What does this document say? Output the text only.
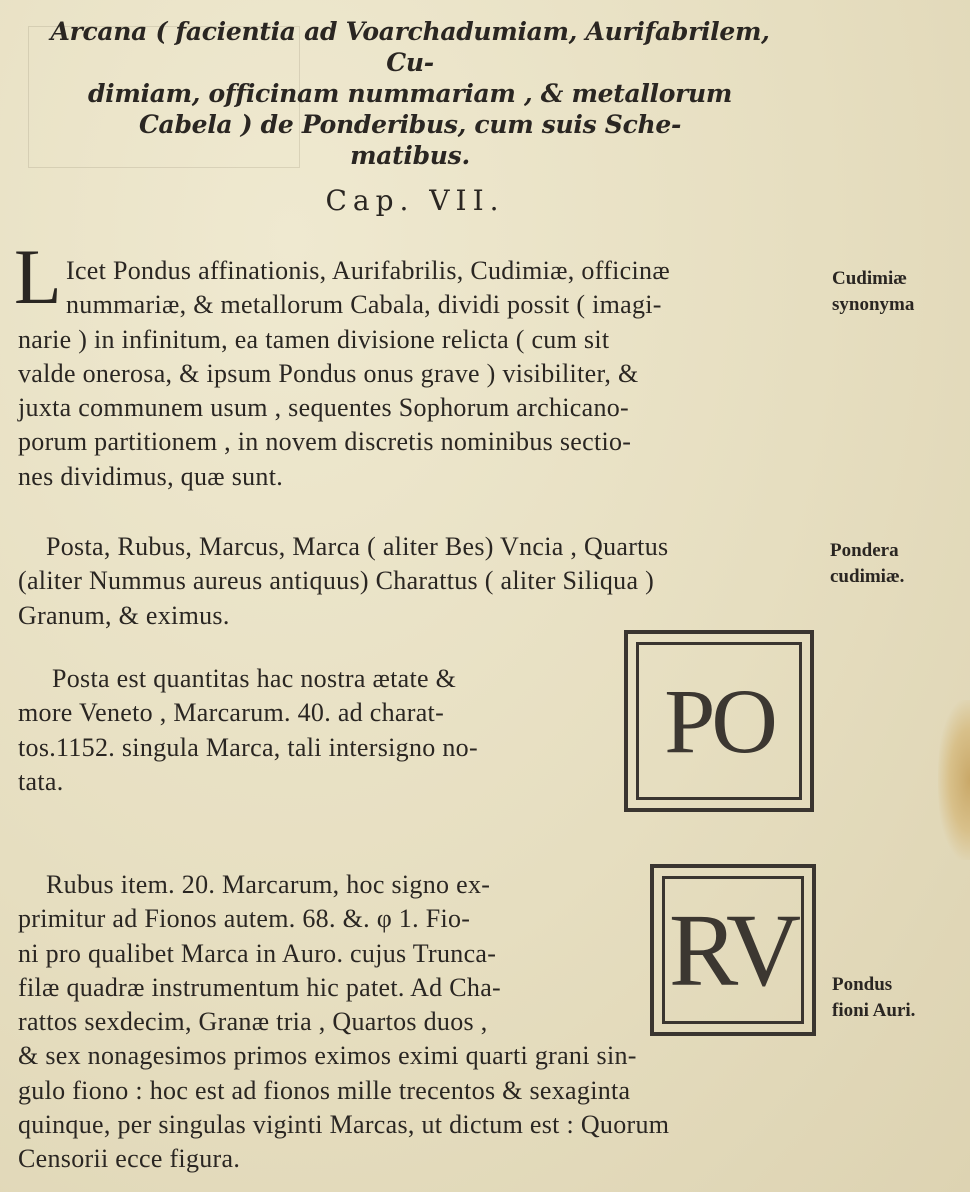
Arcana ( facientia ad Voarchadumiam, Aurifabrilem, Cu-
dimiam, officinam nummariam , & metallorum
Cabela ) de Ponderibus, cum suis Sche-
matibus.
Cap. VII.
L Icet Pondus affinationis, Aurifabrilis, Cudimiæ, officinæ
nummariæ, & metallorum Cabala, dividi possit ( imagi-
narie ) in infinitum, ea tamen divisione relicta ( cum sit
valde onerosa, & ipsum Pondus onus grave ) visibiliter, &
juxta communem usum , sequentes Sophorum archicano-
porum partitionem , in novem discretis nominibus sectio-
nes dividimus, quæ sunt.
Cudimiæ
synonyma
Posta, Rubus, Marcus, Marca ( aliter Bes) Vncia , Quartus
(aliter Nummus aureus antiquus) Charattus ( aliter Siliqua )
Granum, & eximus.
Pondera
cudimiæ.
Posta est quantitas hac nostra ætate &
more Veneto , Marcarum. 40. ad charat-
tos.1152. singula Marca, tali intersigno no-
tata.
PO
Rubus item. 20. Marcarum, hoc signo ex-
primitur ad Fionos autem. 68. &. φ 1. Fio-
ni pro qualibet Marca in Auro. cujus Trunca-
filæ quadræ instrumentum hic patet. Ad Cha-
rattos sexdecim, Granæ tria , Quartos duos ,
& sex nonagesimos primos eximos eximi quarti grani sin-
gulo fiono : hoc est ad fionos mille trecentos & sexaginta
quinque, per singulas viginti Marcas, ut dictum est : Quorum
Censorii ecce figura.
RV Pondus
fioni Auri.
